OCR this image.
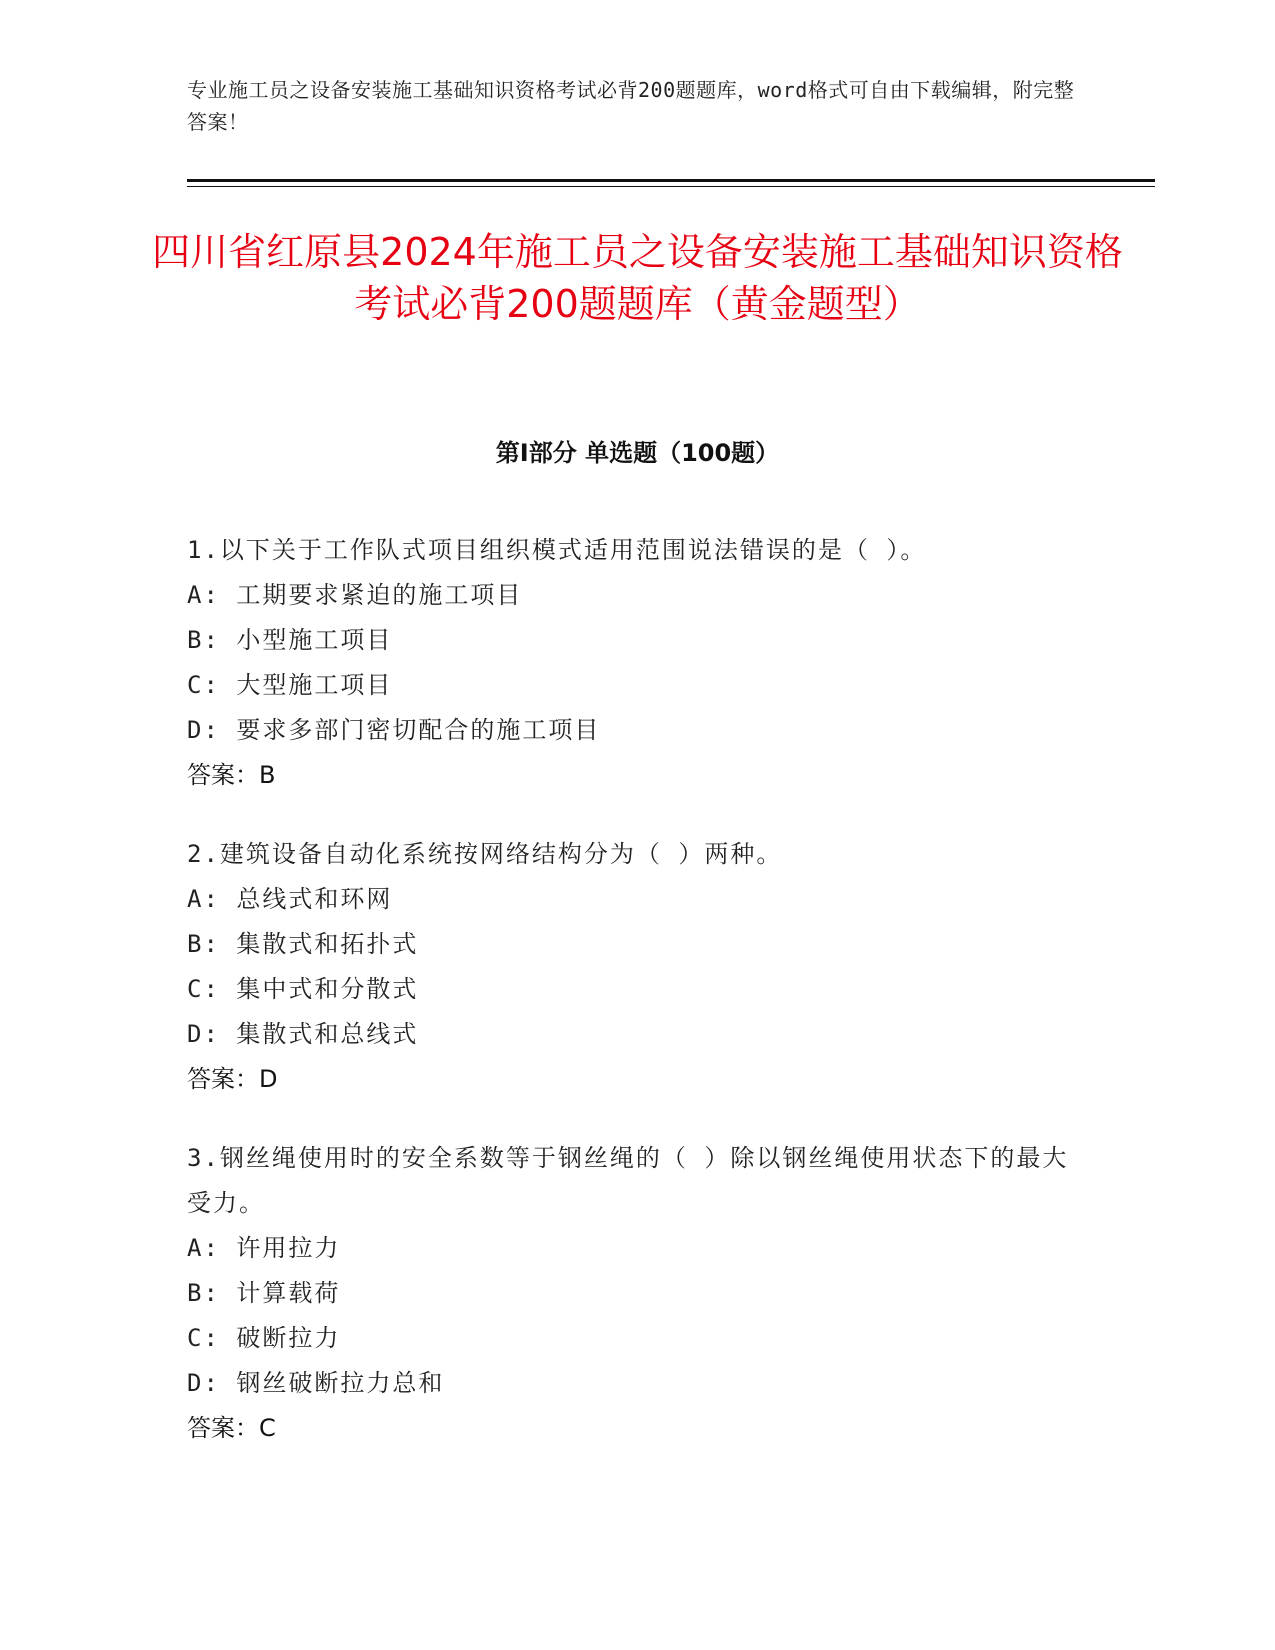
专业施工员之设备安装施工基础知识资格考试必背200题题库，word格式可自由下载编辑，附完整答案！
四川省红原县2024年施工员之设备安装施工基础知识资格考试必背200题题库（黄金题型）
第I部分 单选题（100题）

1.以下关于工作队式项目组织模式适用范围说法错误的是（ ）。

A: 工期要求紧迫的施工项目

B: 小型施工项目

C: 大型施工项目

D: 要求多部门密切配合的施工项目

答案：B

2.建筑设备自动化系统按网络结构分为（ ）两种。

A: 总线式和环网

B: 集散式和拓扑式

C: 集中式和分散式

D: 集散式和总线式

答案：D

3.钢丝绳使用时的安全系数等于钢丝绳的（ ）除以钢丝绳使用状态下的最大受力。

A: 许用拉力

B: 计算载荷

C: 破断拉力

D: 钢丝破断拉力总和

答案：C
